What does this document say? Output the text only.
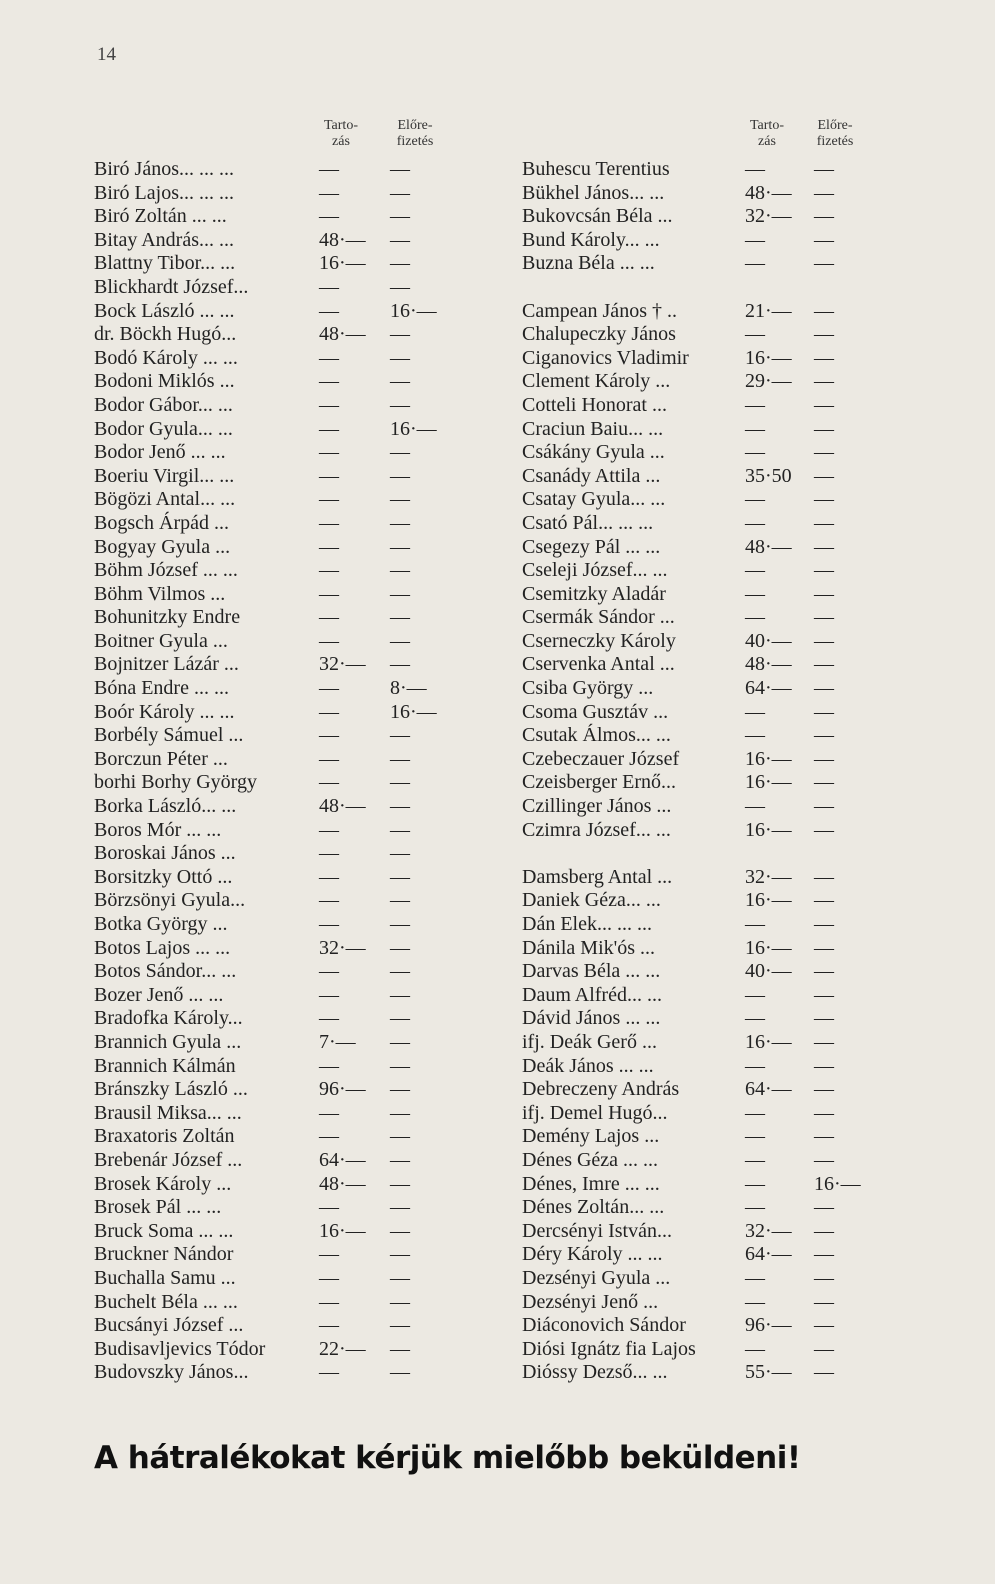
14
Tarto-
zás
Előre-
fizetés
Biró János... ... ...	—	—
Biró Lajos... ... ...	—	—
Biró Zoltán ... ...	—	—
Bitay András... ...	48·— —
Blattny Tibor... ...	16·— —
Blickhardt József...	—	—
Bock László ... ...	—	16·—
dr. Böckh Hugó...	48·— —
Bodó Károly ... ...	—	—
Bodoni Miklós ...	—	—
Bodor Gábor... ...	—	—
Bodor Gyula... ...	—	16·—
Bodor Jenő ... ...	—	—
Boeriu Virgil... ...	—	—
Bögözi Antal... ...	—	—
Bogsch Árpád ...	—	—
Bogyay Gyula ...	—	—
Böhm József ... ...	—	—
Böhm Vilmos ...	—	—
Bohunitzky Endre	—	—
Boitner Gyula ...	—	—
Bojnitzer Lázár ...	32·— —
Bóna Endre ... ...	—	8·—
Boór Károly ... ...	—	16·—
Borbély Sámuel ...	—	—
Borczun Péter ...	—	—
borhi Borhy György	—	—
Borka László... ...	48·— —
Boros Mór ... ...	—	—
Boroskai János ...	—	—
Borsitzky Ottó ...	—	—
Börzsönyi Gyula...	—	—
Botka György ...	—	—
Botos Lajos ... ...	32·— —
Botos Sándor... ...	—	—
Bozer Jenő ... ...	—	—
Bradofka Károly...	—	—
Brannich Gyula ...	7·— —
Brannich Kálmán	—	—
Bránszky László ...	96·— —
Brausil Miksa... ...	—	—
Braxatoris Zoltán	—	—
Brebenár József ...	64·— —
Brosek Károly ...	48·— —
Brosek Pál ... ...	—	—
Bruck Soma ... ...	16·— —
Bruckner Nándor	—	—
Buchalla Samu ...	—	—
Buchelt Béla ... ...	—	—
Bucsányi József ...	—	—
Budisavljevics Tódor	22·— —
Budovszky János...	—	—
Tarto-
zás
Előre-
fizetés
Buhescu Terentius	— —
Bükhel János... ...	48·— —
Bukovcsán Béla ...	32·— —
Bund Károly... ...	— —
Buzna Béla ... ...	— —
Campean János † ..	21·— —
Chalupeczky János	— —
Ciganovics Vladimir	16·— —
Clement Károly ...	29·— —
Cotteli Honorat ...	— —
Craciun Baiu... ...	— —
Csákány Gyula ...	— —
Csanády Attila ...	35·50 —
Csatay Gyula... ...	— —
Csató Pál... ... ...	— —
Csegezy Pál ... ...	48·— —
Cseleji József... ...	— —
Csemitzky Aladár	— —
Csermák Sándor ...	— —
Cserneczky Károly	40·— —
Cservenka Antal ...	48·— —
Csiba György ...	64·— —
Csoma Gusztáv ...	— —
Csutak Álmos... ...	— —
Czebeczauer József	16·— —
Czeisberger Ernő...	16·— —
Czillinger János ...	— —
Czimra József... ...	16·— —
Damsberg Antal ...	32·— —
Daniek Géza... ...	16·— —
Dán Elek... ... ...	— —
Dánila Mik'ós ...	16·— —
Darvas Béla ... ...	40·— —
Daum Alfréd... ...	— —
Dávid János ... ...	— —
ifj. Deák Gerő ...	16·— —
Deák János ... ...	— —
Debreczeny András	64·— —
ifj. Demel Hugó...	— —
Demény Lajos ...	— —
Dénes Géza ... ...	— —
Dénes, Imre ... ...	— 16·—
Dénes Zoltán... ...	— —
Dercsényi István...	32·— —
Déry Károly ... ...	64·— —
Dezsényi Gyula ...	— —
Dezsényi Jenő ...	— —
Diáconovich Sándor	96·— —
Diósi Ignátz fia Lajos — —
Dióssy Dezső... ...	55·— —
A hátralékokat kérjük mielőbb beküldeni!
